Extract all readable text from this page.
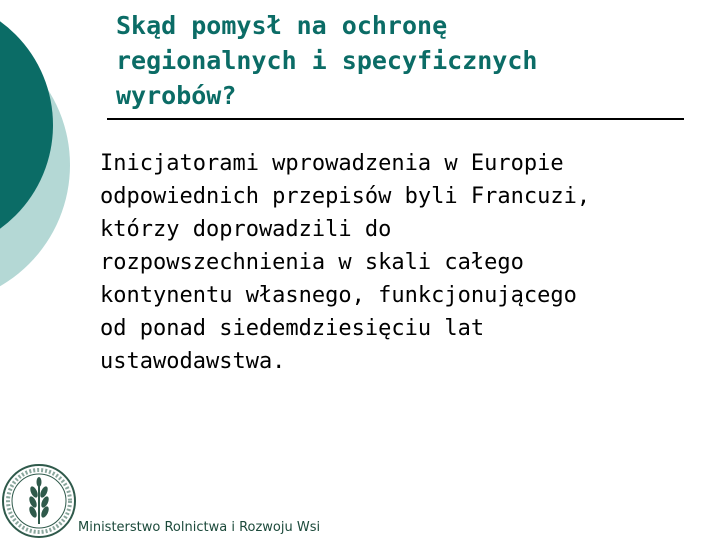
Skąd pomysł na ochronę
regionalnych i specyficznych
wyrobów?

Inicjatorami wprowadzenia w Europie
odpowiednich przepisów byli Francuzi,
którzy doprowadzili do
rozpowszechnienia w skali całego
kontynentu własnego, funkcjonującego
od ponad siedemdziesięciu lat
ustawodawstwa.

Ministerstwo Rolnictwa i Rozwoju Wsi
